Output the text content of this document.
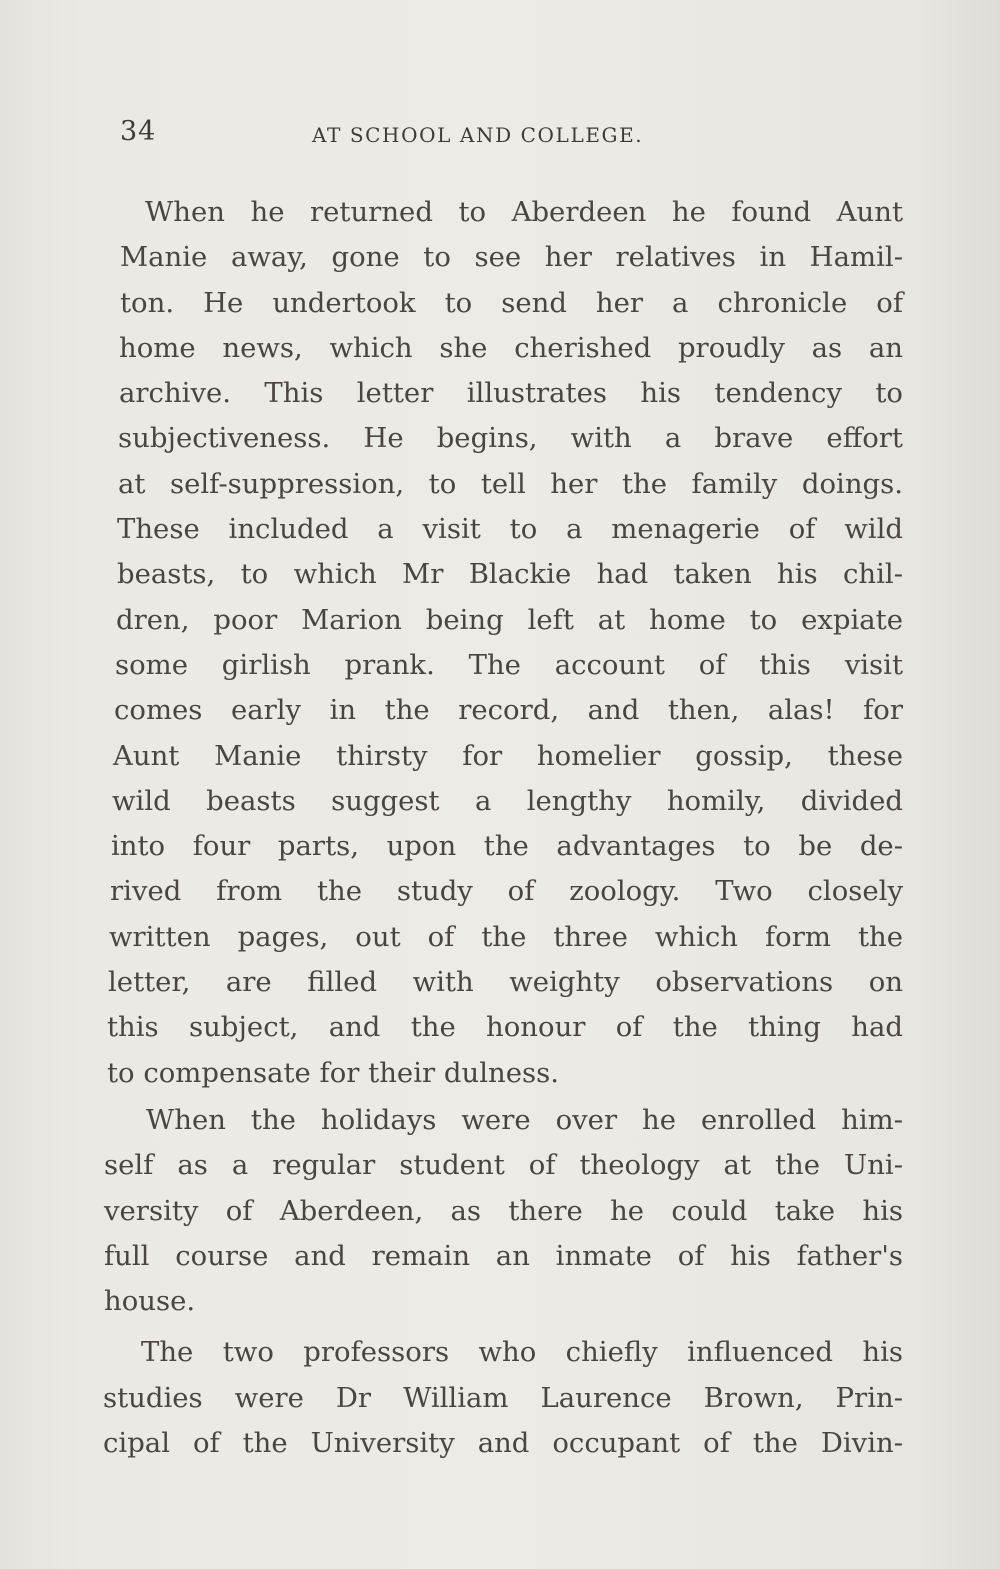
34	AT SCHOOL AND COLLEGE.
When he returned to Aberdeen he found Aunt
Manie away, gone to see her relatives in Hamil-
ton. He undertook to send her a chronicle of
home news, which she cherished proudly as an
archive. This letter illustrates his tendency to
subjectiveness. He begins, with a brave effort
at self-suppression, to tell her the family doings.
These included a visit to a menagerie of wild
beasts, to which Mr Blackie had taken his chil-
dren, poor Marion being left at home to expiate
some girlish prank. The account of this visit
comes early in the record, and then, alas! for
Aunt Manie thirsty for homelier gossip, these
wild beasts suggest a lengthy homily, divided
into four parts, upon the advantages to be de-
rived from the study of zoology. Two closely
written pages, out of the three which form the
letter, are filled with weighty observations on
this subject, and the honour of the thing had
to compensate for their dulness.
When the holidays were over he enrolled him-
self as a regular student of theology at the Uni-
versity of Aberdeen, as there he could take his
full course and remain an inmate of his father's
house.
The two professors who chiefly influenced his
studies were Dr William Laurence Brown, Prin-
cipal of the University and occupant of the Divin-
